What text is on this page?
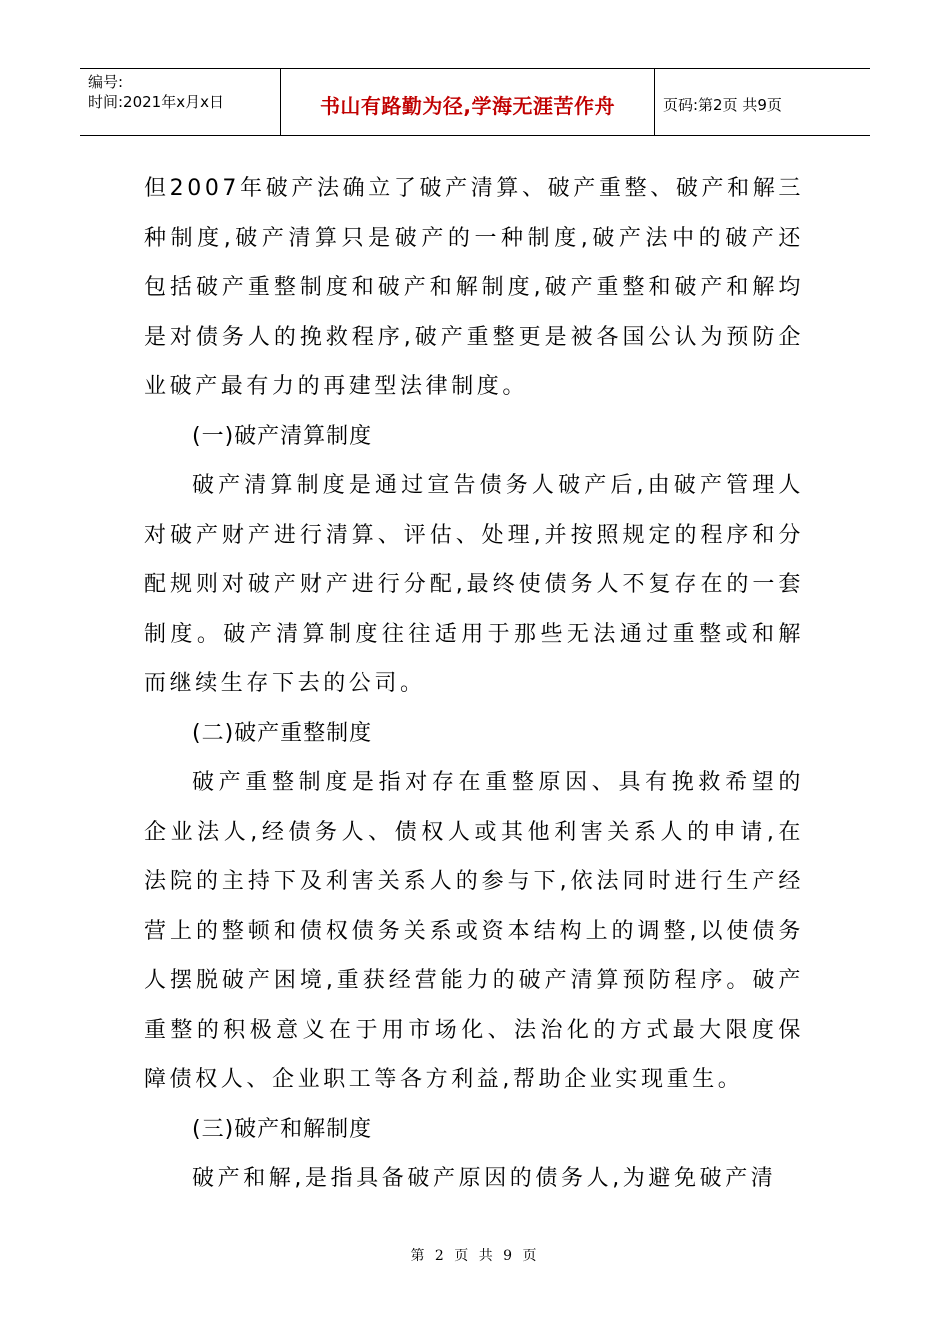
编号:
时间:2021年x月x日	书山有路勤为径,学海无涯苦作舟	页码:第2页 共9页

但2007年破产法确立了破产清算、破产重整、破产和解三种制度,破产清算只是破产的一种制度,破产法中的破产还包括破产重整制度和破产和解制度,破产重整和破产和解均是对债务人的挽救程序,破产重整更是被各国公认为预防企业破产最有力的再建型法律制度。

(一)破产清算制度

破产清算制度是通过宣告债务人破产后,由破产管理人对破产财产进行清算、评估、处理,并按照规定的程序和分配规则对破产财产进行分配,最终使债务人不复存在的一套制度。破产清算制度往往适用于那些无法通过重整或和解而继续生存下去的公司。

(二)破产重整制度

破产重整制度是指对存在重整原因、具有挽救希望的企业法人,经债务人、债权人或其他利害关系人的申请,在法院的主持下及利害关系人的参与下,依法同时进行生产经营上的整顿和债权债务关系或资本结构上的调整,以使债务人摆脱破产困境,重获经营能力的破产清算预防程序。破产重整的积极意义在于用市场化、法治化的方式最大限度保障债权人、企业职工等各方利益,帮助企业实现重生。

(三)破产和解制度

破产和解,是指具备破产原因的债务人,为避免破产清

第 2 页 共 9 页
